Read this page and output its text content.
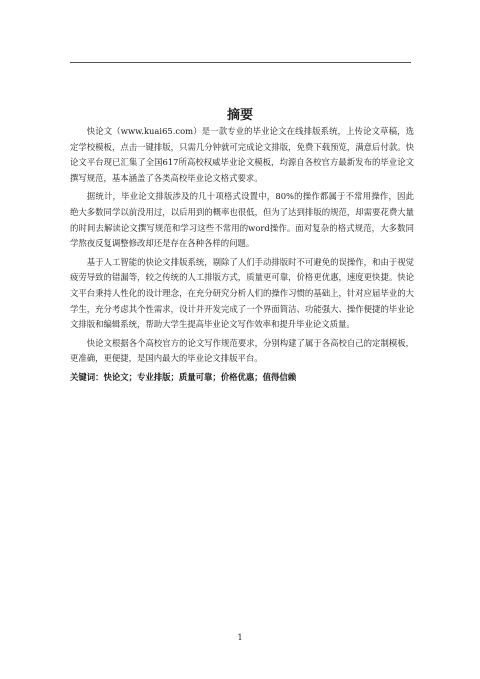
摘要

快论文（www.kuai65.com）是一款专业的毕业论文在线排版系统，上传论文草稿，选定学校模板，点击一键排版，只需几分钟就可完成论文排版，免费下载预览，满意后付款。快论文平台现已汇集了全国617所高校权威毕业论文模板，均源自各校官方最新发布的毕业论文撰写规范，基本涵盖了各类高校毕业论文格式要求。

据统计，毕业论文排版涉及的几十项格式设置中，80%的操作都属于不常用操作，因此绝大多数同学以前没用过，以后用到的概率也很低，但为了达到排版的规范，却需要花费大量的时间去解读论文撰写规范和学习这些不常用的word操作。面对复杂的格式规范，大多数同学熬夜反复调整修改却还是存在各种各样的问题。

基于人工智能的快论文排版系统，剔除了人们手动排版时不可避免的误操作，和由于视觉疲劳导致的错漏等，较之传统的人工排版方式，质量更可靠，价格更优惠，速度更快捷。快论文平台秉持人性化的设计理念，在充分研究分析人们的操作习惯的基础上，针对应届毕业的大学生，充分考虑其个性需求，设计并开发完成了一个界面简洁、功能强大、操作便捷的毕业论文排版和编辑系统，帮助大学生提高毕业论文写作效率和提升毕业论文质量。

快论文根据各个高校官方的论文写作规范要求，分别构建了属于各高校自己的定制模板，更准确，更便捷，是国内最大的毕业论文排版平台。

关键词：快论文；专业排版；质量可靠；价格优惠；值得信赖
1
